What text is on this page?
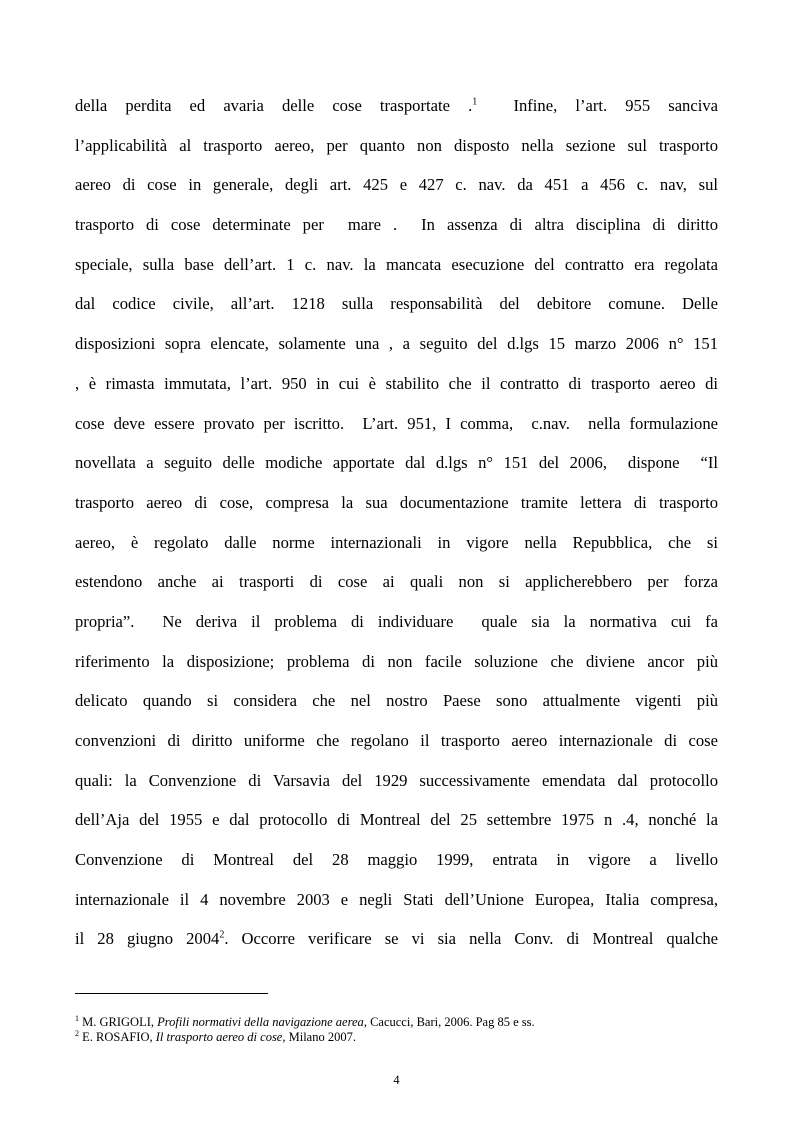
della perdita ed avaria delle cose trasportate .$^1$  Infine, l’art. 955 sanciva
l’applicabilità al trasporto aereo, per quanto non disposto nella sezione sul trasporto
aereo di cose in generale, degli art. 425 e 427 c. nav. da 451 a 456 c. nav, sul
trasporto di cose determinate per  mare .  In assenza di altra disciplina di diritto
speciale, sulla base dell’art. 1 c. nav. la mancata esecuzione del contratto era regolata
dal codice civile, all’art. 1218 sulla responsabilità del debitore comune. Delle
disposizioni sopra elencate, solamente una , a seguito del d.lgs 15 marzo 2006 n° 151
, è rimasta immutata, l’art. 950 in cui è stabilito che il contratto di trasporto aereo di
cose deve essere provato per iscritto.  L’art. 951, I comma,  c.nav.  nella formulazione
novellata a seguito delle modiche apportate dal d.lgs n° 151 del 2006,  dispone  “Il
trasporto aereo di cose, compresa la sua documentazione tramite lettera di trasporto
aereo, è regolato dalle norme internazionali in vigore nella Repubblica, che si
estendono anche ai trasporti di cose ai quali non si applicherebbero per forza
propria”.  Ne deriva il problema di individuare  quale sia la normativa cui fa
riferimento la disposizione; problema di non facile soluzione che diviene ancor più
delicato quando si considera che nel nostro Paese sono attualmente vigenti più
convenzioni di diritto uniforme che regolano il trasporto aereo internazionale di cose
quali: la Convenzione di Varsavia del 1929 successivamente emendata dal protocollo
dell’Aja del 1955 e dal protocollo di Montreal del 25 settembre 1975 n .4, nonché la
Convenzione di Montreal del 28 maggio 1999, entrata in vigore a livello
internazionale il 4 novembre 2003 e negli Stati dell’Unione Europea, Italia compresa,
il 28 giugno 2004$^2$. Occorre verificare se vi sia nella Conv. di Montreal qualche
$^1$ M. GRIGOLI, Profili normativi della navigazione aerea, Cacucci, Bari, 2006. Pag 85 e ss.
$^2$ E. ROSAFIO, Il trasporto aereo di cose, Milano 2007.
4
